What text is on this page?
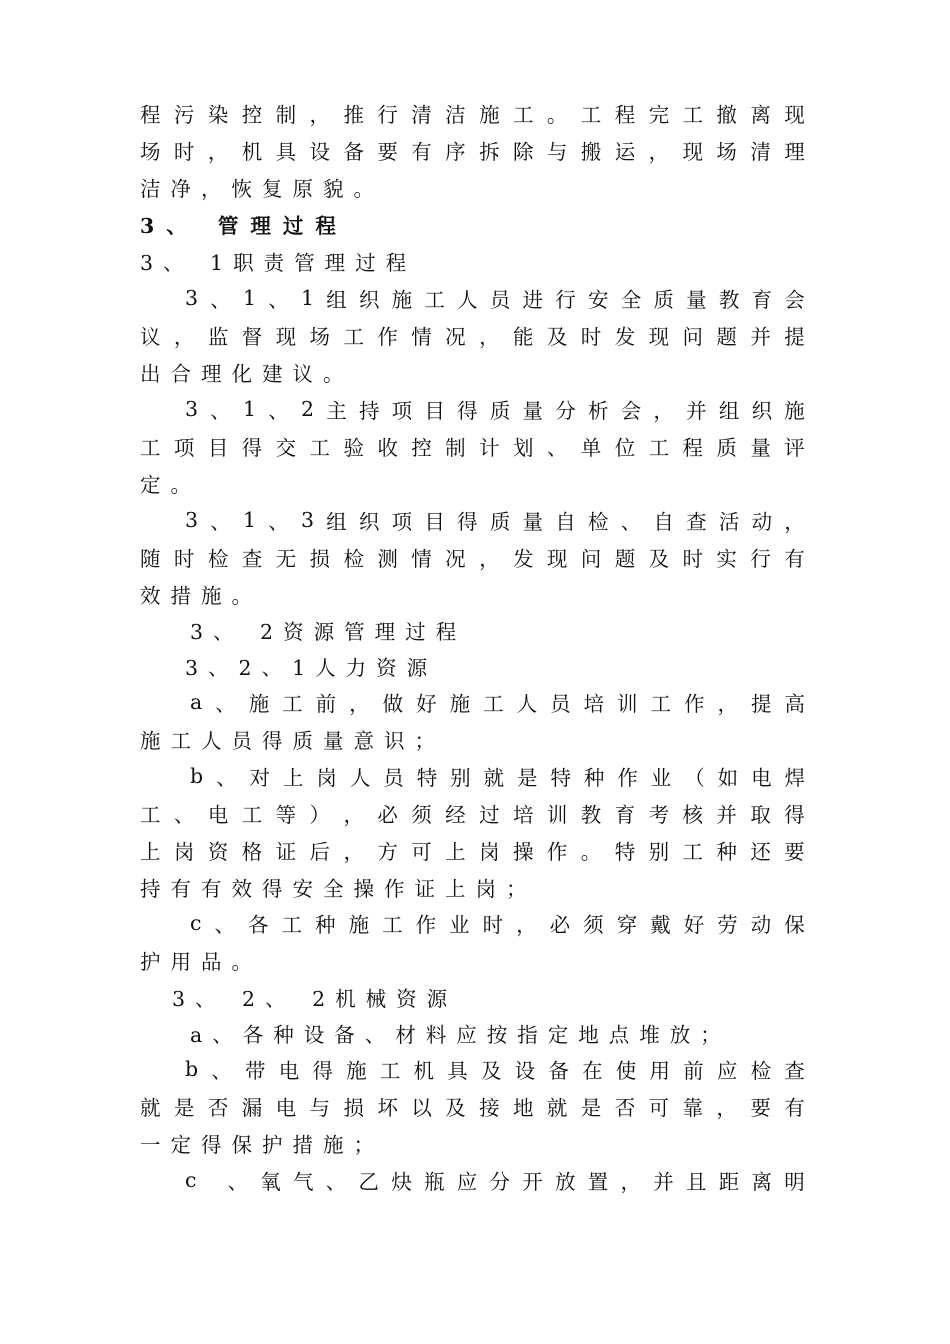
程 污 染 控 制 ， 推 行 清 洁 施 工 。 工 程 完 工 撤 离 现
场 时 ， 机 具 设 备 要 有 序 拆 除 与 搬 运 ， 现 场 清 理
洁净，恢复原貌。
3、 管理过程
3、 1职责管理过程
3 、 1 、 1 组 织 施 工 人 员 进 行 安 全 质 量 教 育 会
议 ， 监 督 现 场 工 作 情 况 ， 能 及 时 发 现 问 题 并 提
出合理化建议。
3 、 1 、 2 主 持 项 目 得 质 量 分 析 会 ， 并 组 织 施
工 项 目 得 交 工 验 收 控 制 计 划 、 单 位 工 程 质 量 评
定。
3 、 1 、 3 组 织 项 目 得 质 量 自 检 、 自 查 活 动 ，
随 时 检 查 无 损 检 测 情 况 ， 发 现 问 题 及 时 实 行 有
效措施。
3、 2资源管理过程
3、2、1人力资源
a 、 施 工 前 ， 做 好 施 工 人 员 培 训 工 作 ， 提 高
施工人员得质量意识；
b 、 对 上 岗 人 员 特 别 就 是 特 种 作 业 （ 如 电 焊
工 、 电 工 等 ） ， 必 须 经 过 培 训 教 育 考 核 并 取 得
上 岗 资 格 证 后 ， 方 可 上 岗 操 作 。 特 别 工 种 还 要
持有有效得安全操作证上岗；
c 、 各 工 种 施 工 作 业 时 ， 必 须 穿 戴 好 劳 动 保
护用品。
3、 2、 2机械资源
a、各种设备、材料应按指定地点堆放；
b 、 带 电 得 施 工 机 具 及 设 备 在 使 用 前 应 检 查
就 是 否 漏 电 与 损 坏 以 及 接 地 就 是 否 可 靠 ， 要 有
一定得保护措施；
c
、 氧 气 、 乙 炔 瓶 应 分 开 放 置 ， 并 且 距 离 明
